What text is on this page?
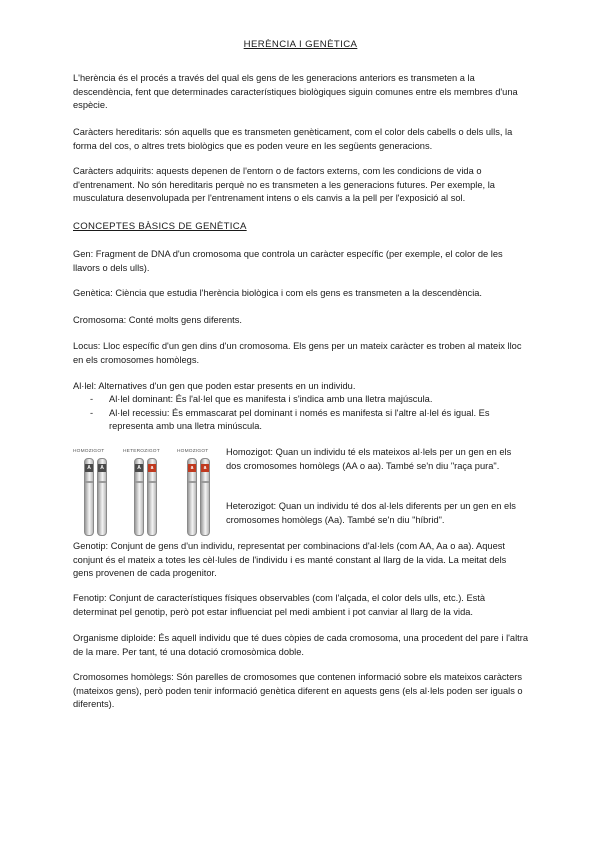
HERÈNCIA I GENÈTICA

L'herència és el procés a través del qual els gens de les generacions anteriors es transmeten a la descendència, fent que determinades característiques biològiques siguin comunes entre els membres d'una espècie.

Caràcters hereditaris: són aquells que es transmeten genèticament, com el color dels cabells o dels ulls, la forma del cos, o altres trets biològics que es poden veure en les següents generacions.

Caràcters adquirits: aquests depenen de l'entorn o de factors externs, com les condicions de vida o d'entrenament. No són hereditaris perquè no es transmeten a les generacions futures. Per exemple, la musculatura desenvolupada per l'entrenament intens o els canvis a la pell per l'exposició al sol.

CONCEPTES BÀSICS DE GENÈTICA

Gen: Fragment de DNA d'un cromosoma que controla un caràcter específic (per exemple, el color de les llavors o dels ulls).

Genètica: Ciència que estudia l'herència biològica i com els gens es transmeten a la descendència.

Cromosoma: Conté molts gens diferents.

Locus: Lloc específic d'un gen dins d'un cromosoma. Els gens per un mateix caràcter es troben al mateix lloc en els cromosomes homòlegs.

Al·lel: Alternatives d'un gen que poden estar presents en un individu.

- Al·lel dominant: És l'al·lel que es manifesta i s'indica amb una lletra majúscula.
- Al·lel recessiu: És emmascarat pel dominant i només es manifesta si l'altre al·lel és igual. Es representa amb una lletra minúscula.
HOMOZIGOT	HETEROZIGOT	HOMOZIGOT
A	A	A	a	a	a

Homozigot: Quan un individu té els mateixos al·lels per un gen en els dos cromosomes homòlegs (AA o aa). També se'n diu "raça pura".

Heterozigot: Quan un individu té dos al·lels diferents per un gen en els cromosomes homòlegs (Aa). També se'n diu "híbrid".

Genotip: Conjunt de gens d'un individu, representat per combinacions d'al·lels (com AA, Aa o aa). Aquest conjunt és el mateix a totes les cèl·lules de l'individu i es manté constant al llarg de la vida. La meitat dels gens provenen de cada progenitor.

Fenotip: Conjunt de característiques físiques observables (com l'alçada, el color dels ulls, etc.). Està determinat pel genotip, però pot estar influenciat pel medi ambient i pot canviar al llarg de la vida.

Organisme diploide: És aquell individu que té dues còpies de cada cromosoma, una procedent del pare i l'altra de la mare. Per tant, té una dotació cromosòmica doble.

Cromosomes homòlegs: Són parelles de cromosomes que contenen informació sobre els mateixos caràcters (mateixos gens), però poden tenir informació genètica diferent en aquests gens (els al·lels poden ser iguals o diferents).
